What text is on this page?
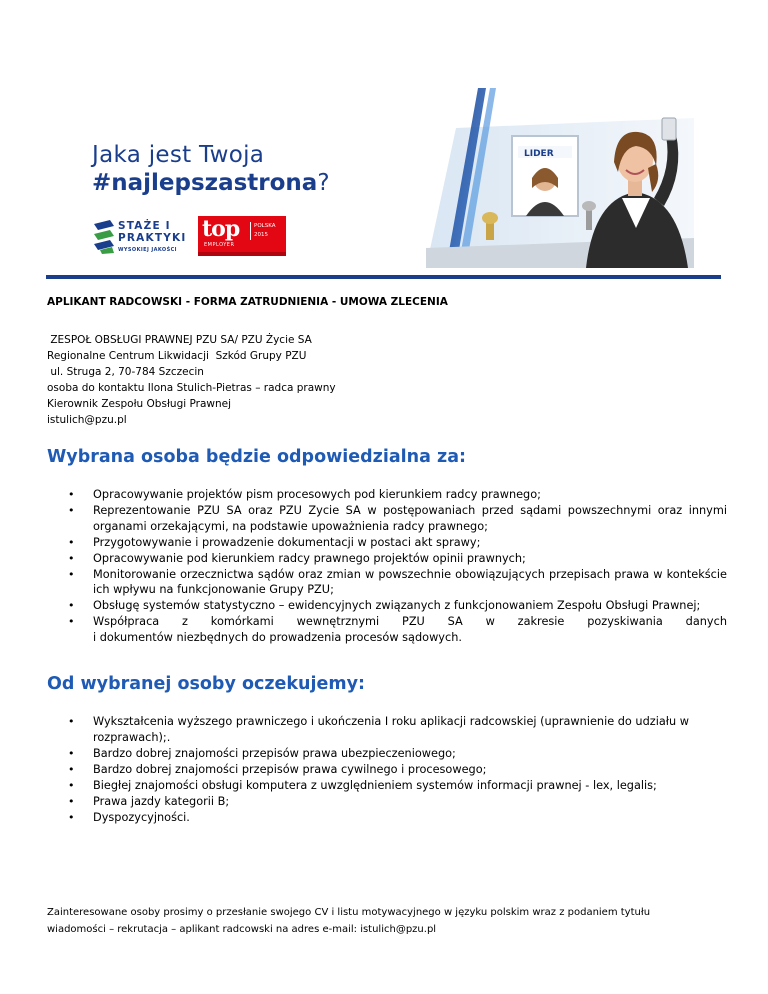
Jaka jest Twoja
#najlepszastrona?
STAŻE I
PRAKTYKI
WYSOKIEJ JAKOŚCI
top
EMPLOYER
POLSKA
2015
LIDER

APLIKANT RADCOWSKI - FORMA ZATRUDNIENIA - UMOWA ZLECENIA

ZESPOŁ OBSŁUGI PRAWNEJ PZU SA/ PZU Życie SA
Regionalne Centrum Likwidacji  Szkód Grupy PZU
ul. Struga 2, 70-784 Szczecin
osoba do kontaktu Ilona Stulich-Pietras – radca prawny
Kierownik Zespołu Obsługi Prawnej
istulich@pzu.pl
Wybrana osoba będzie odpowiedzialna za:
• Opracowywanie projektów pism procesowych pod kierunkiem radcy prawnego;
• Reprezentowanie PZU SA oraz PZU Zycie SA w postępowaniach przed sądami powszechnymi oraz innymi organami orzekającymi, na podstawie upoważnienia radcy prawnego;
• Przygotowywanie i prowadzenie dokumentacji w postaci akt sprawy;
• Opracowywanie pod kierunkiem radcy prawnego projektów opinii prawnych;
• Monitorowanie orzecznictwa sądów oraz zmian w powszechnie obowiązujących przepisach prawa w kontekście ich wpływu na funkcjonowanie Grupy PZU;
• Obsługę systemów statystyczno – ewidencyjnych związanych z funkcjonowaniem Zespołu Obsługi Prawnej;
• Współpraca z komórkami wewnętrznymi PZU SA w zakresie pozyskiwania danych
i dokumentów niezbędnych do prowadzenia procesów sądowych.
Od wybranej osoby oczekujemy:
• Wykształcenia wyższego prawniczego i ukończenia I roku aplikacji radcowskiej (uprawnienie do udziału w rozprawach);.
• Bardzo dobrej znajomości przepisów prawa ubezpieczeniowego;
• Bardzo dobrej znajomości przepisów prawa cywilnego i procesowego;
• Biegłej znajomości obsługi komputera z uwzględnieniem systemów informacji prawnej - lex, legalis;
• Prawa jazdy kategorii B;
• Dyspozycyjności.
Zainteresowane osoby prosimy o przesłanie swojego CV i listu motywacyjnego w języku polskim wraz z podaniem tytułu
wiadomości – rekrutacja – aplikant radcowski na adres e-mail: istulich@pzu.pl
